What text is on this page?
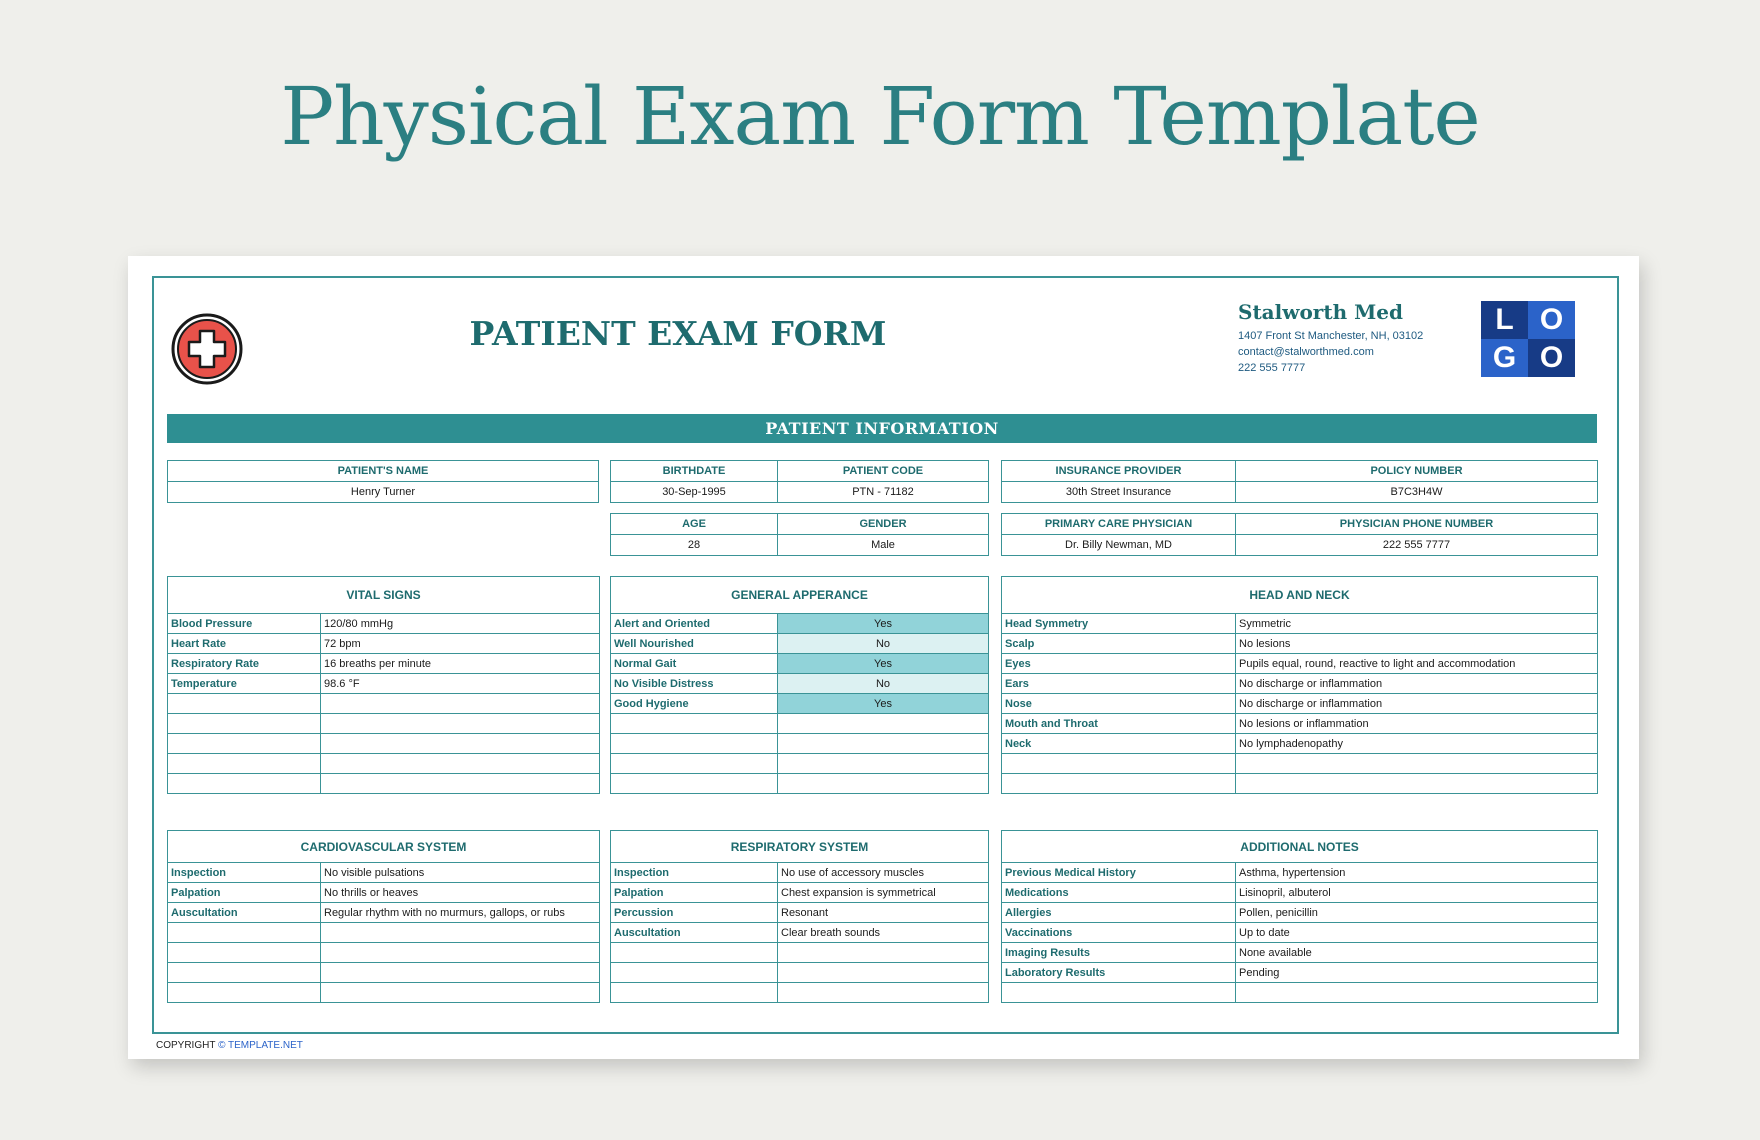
Physical Exam Form Template
PATIENT EXAM FORM
Stalworth Med
1407 Front St Manchester, NH, 03102
contact@stalworthmed.com
222 555 7777
L O
G O
PATIENT INFORMATION
PATIENT'S NAME
Henry Turner
BIRTHDATE	PATIENT CODE
30-Sep-1995	PTN - 71182
AGE	GENDER
28	Male
INSURANCE PROVIDER	POLICY NUMBER
30th Street Insurance	B7C3H4W
PRIMARY CARE PHYSICIAN	PHYSICIAN PHONE NUMBER
Dr. Billy Newman, MD	222 555 7777
VITAL SIGNS	
Blood Pressure	120/80 mmHg
Heart Rate	72 bpm
Respiratory Rate	16 breaths per minute
Temperature	98.6 °F

GENERAL APPERANCE	
Alert and Oriented	Yes
Well Nourished	No
Normal Gait	Yes
No Visible Distress	No
Good Hygiene	Yes

HEAD AND NECK	
Head Symmetry	Symmetric
Scalp	No lesions
Eyes	Pupils equal, round, reactive to light and accommodation
Ears	No discharge or inflammation
Nose	No discharge or inflammation
Mouth and Throat	No lesions or inflammation
Neck	No lymphadenopathy

CARDIOVASCULAR SYSTEM	
Inspection	No visible pulsations
Palpation	No thrills or heaves
Auscultation	Regular rhythm with no murmurs, gallops, or rubs

RESPIRATORY SYSTEM	
Inspection	No use of accessory muscles
Palpation	Chest expansion is symmetrical
Percussion	Resonant
Auscultation	Clear breath sounds

ADDITIONAL NOTES	
Previous Medical History	Asthma, hypertension
Medications	Lisinopril, albuterol
Allergies	Pollen, penicillin
Vaccinations	Up to date
Imaging Results	None available
Laboratory Results	Pending

COPYRIGHT © TEMPLATE.NET
